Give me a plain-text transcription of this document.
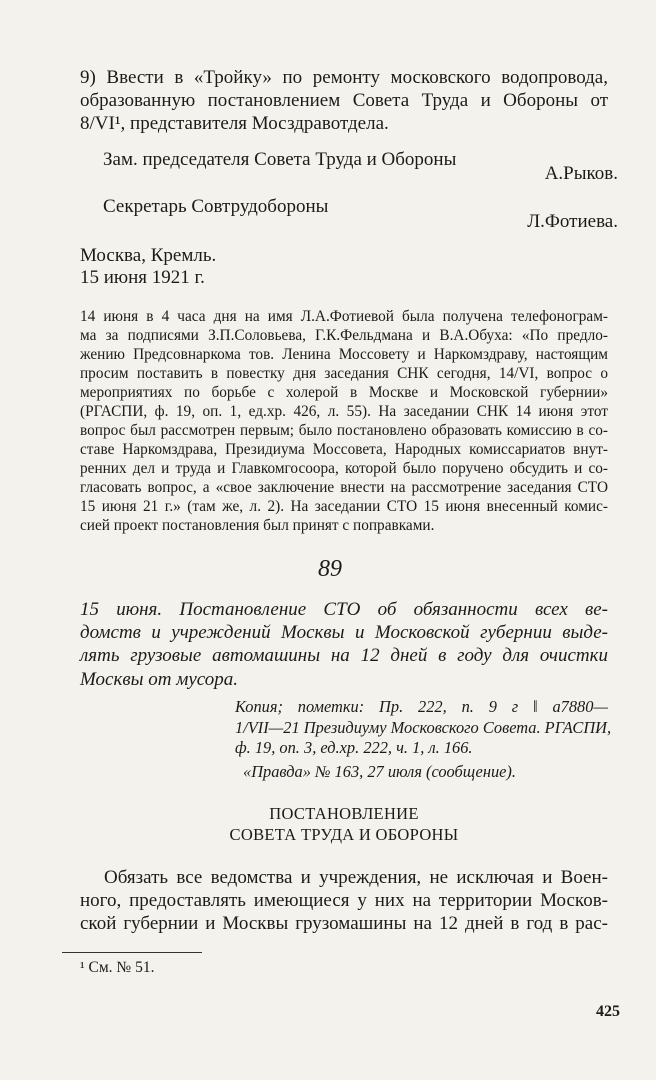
9) Ввести в «Тройку» по ремонту московского водопровода,
образованную постановлением Совета Труда и Обороны от
8/VI¹, представителя Мосздравотдела.
Зам. председателя Совета Труда и Обороны
А.Рыков.
Секретарь Совтрудобороны
Л.Фотиева.
Москва, Кремль.
15 июня 1921 г.
14 июня в 4 часа дня на имя Л.А.Фотиевой была получена телефонограм-
ма за подписями З.П.Соловьева, Г.К.Фельдмана и В.А.Обуха: «По предло-
жению Предсовнаркома тов. Ленина Моссовету и Наркомздраву, настоящим
просим поставить в повестку дня заседания СНК сегодня, 14/VI, вопрос о
мероприятиях по борьбе с холерой в Москве и Московской губернии»
(РГАСПИ, ф. 19, оп. 1, ед.хр. 426, л. 55). На заседании СНК 14 июня этот
вопрос был рассмотрен первым; было постановлено образовать комиссию в со-
ставе Наркомздрава, Президиума Моссовета, Народных комиссариатов внут-
ренних дел и труда и Главкомгосоора, которой было поручено обсудить и со-
гласовать вопрос, а «свое заключение внести на рассмотрение заседания СТО
15 июня 21 г.» (там же, л. 2). На заседании СТО 15 июня внесенный комис-
сией проект постановления был принят с поправками.
89
15 июня. Постановление СТО об обязанности всех ве-
домств и учреждений Москвы и Московской губернии выде-
лять грузовые автомашины на 12 дней в году для очистки
Москвы от мусора.
Копия; пометки: Пр. 222, п. 9 г ‖ а7880—
1/VII—21 Президиуму Московского Совета. РГАСПИ,
ф. 19, оп. 3, ед.хр. 222, ч. 1, л. 166.
«Правда» № 163, 27 июля (сообщение).
ПОСТАНОВЛЕНИЕ
СОВЕТА ТРУДА И ОБОРОНЫ
Обязать все ведомства и учреждения, не исключая и Воен-
ного, предоставлять имеющиеся у них на территории Москов-
ской губернии и Москвы грузомашины на 12 дней в год в рас-
¹ См. № 51.
425
